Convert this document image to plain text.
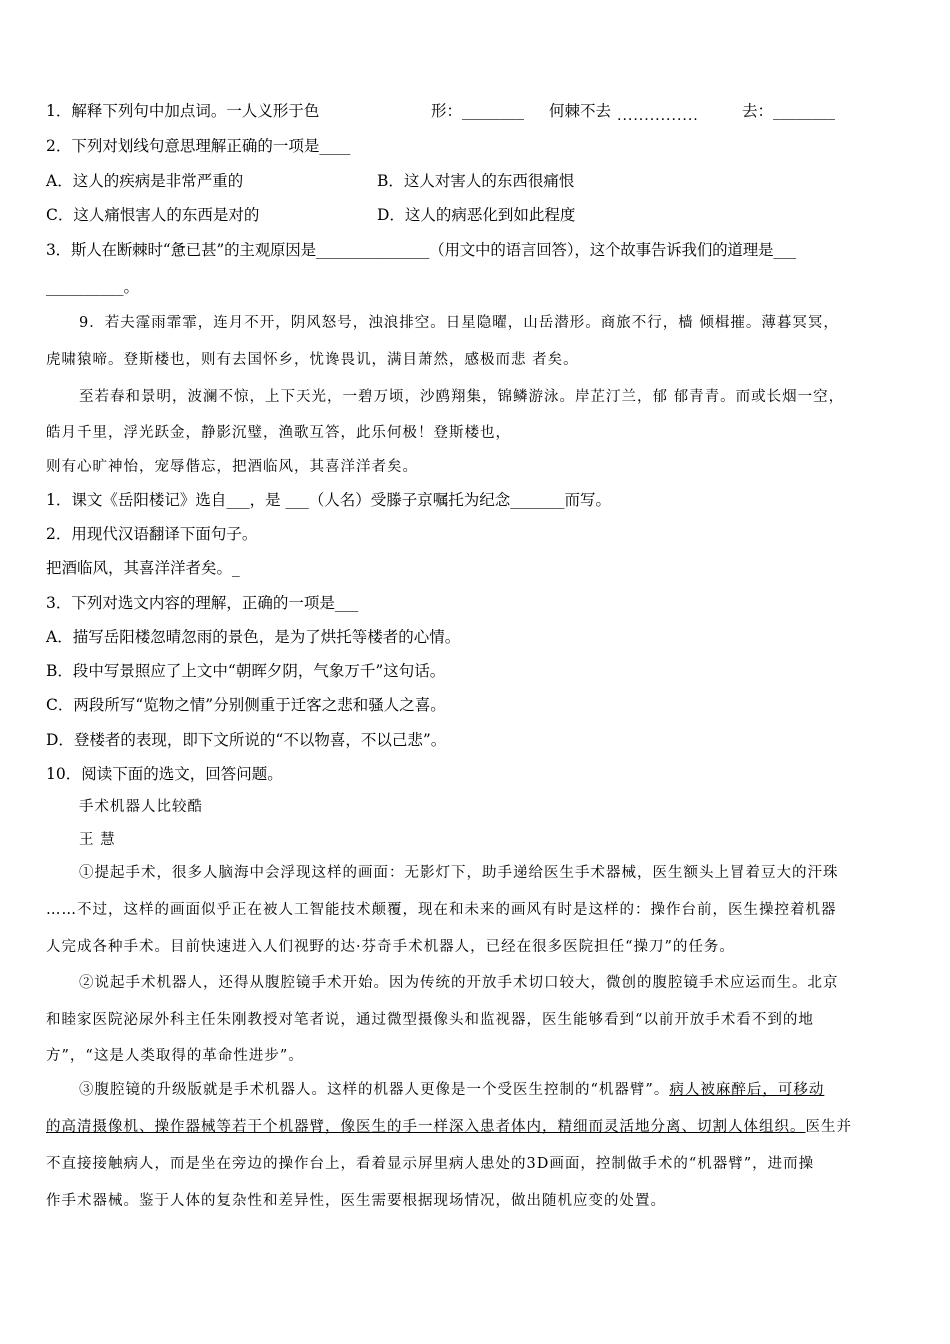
1．解释下列句中加点词。一人义形于色	形：________ 何棘不去 ...............	去：________
2．下列对划线句意思理解正确的一项是____
A．这人的疾病是非常严重的	B．这人对害人的东西很痛恨
C．这人痛恨害人的东西是对的	D．这人的病恶化到如此程度
3．斯人在断棘时“惫已甚”的主观原因是_______________（用文中的语言回答），这个故事告诉我们的道理是___
__________。
9．若夫霪雨霏霏，连月不开，阴风怒号，浊浪排空。日星隐曜，山岳潜形。商旅不行，樯 倾楫摧。薄暮冥冥，
虎啸猿啼。登斯楼也，则有去国怀乡，忧谗畏讥，满目萧然，感极而悲 者矣。
至若春和景明，波澜不惊，上下天光，一碧万顷，沙鸥翔集，锦鳞游泳。岸芷汀兰，郁 郁青青。而或长烟一空，
皓月千里，浮光跃金，静影沉璧，渔歌互答，此乐何极！登斯楼也，
则有心旷神怡，宠辱偕忘，把酒临风，其喜洋洋者矣。
1．课文《岳阳楼记》选自___，是 ___（人名）受滕子京嘱托为纪念_______而写。
2．用现代汉语翻译下面句子。
把酒临风，其喜洋洋者矣。_
3．下列对选文内容的理解，正确的一项是___
A．描写岳阳楼忽晴忽雨的景色，是为了烘托等楼者的心情。
B．段中写景照应了上文中“朝晖夕阴，气象万千”这句话。
C．两段所写“览物之情”分别侧重于迁客之悲和骚人之喜。
D．登楼者的表现，即下文所说的“不以物喜，不以己悲”。
10．阅读下面的选文，回答问题。
手术机器人比较酷
王 慧
①提起手术，很多人脑海中会浮现这样的画面：无影灯下，助手递给医生手术器械，医生额头上冒着豆大的汗珠
……不过，这样的画面似乎正在被人工智能技术颠覆，现在和未来的画风有时是这样的：操作台前，医生操控着机器
人完成各种手术。目前快速进入人们视野的达·芬奇手术机器人，已经在很多医院担任“操刀”的任务。
②说起手术机器人，还得从腹腔镜手术开始。因为传统的开放手术切口较大，微创的腹腔镜手术应运而生。北京
和睦家医院泌尿外科主任朱刚教授对笔者说，通过微型摄像头和监视器，医生能够看到“以前开放手术看不到的地
方”，“这是人类取得的革命性进步”。
③腹腔镜的升级版就是手术机器人。这样的机器人更像是一个受医生控制的“机器臂”。病人被麻醉后，可移动
的高清摄像机、操作器械等若干个机器臂，像医生的手一样深入患者体内，精细而灵活地分离、切割人体组织。医生并
不直接接触病人，而是坐在旁边的操作台上，看着显示屏里病人患处的3D画面，控制做手术的“机器臂”，进而操
作手术器械。鉴于人体的复杂性和差异性，医生需要根据现场情况，做出随机应变的处置。
